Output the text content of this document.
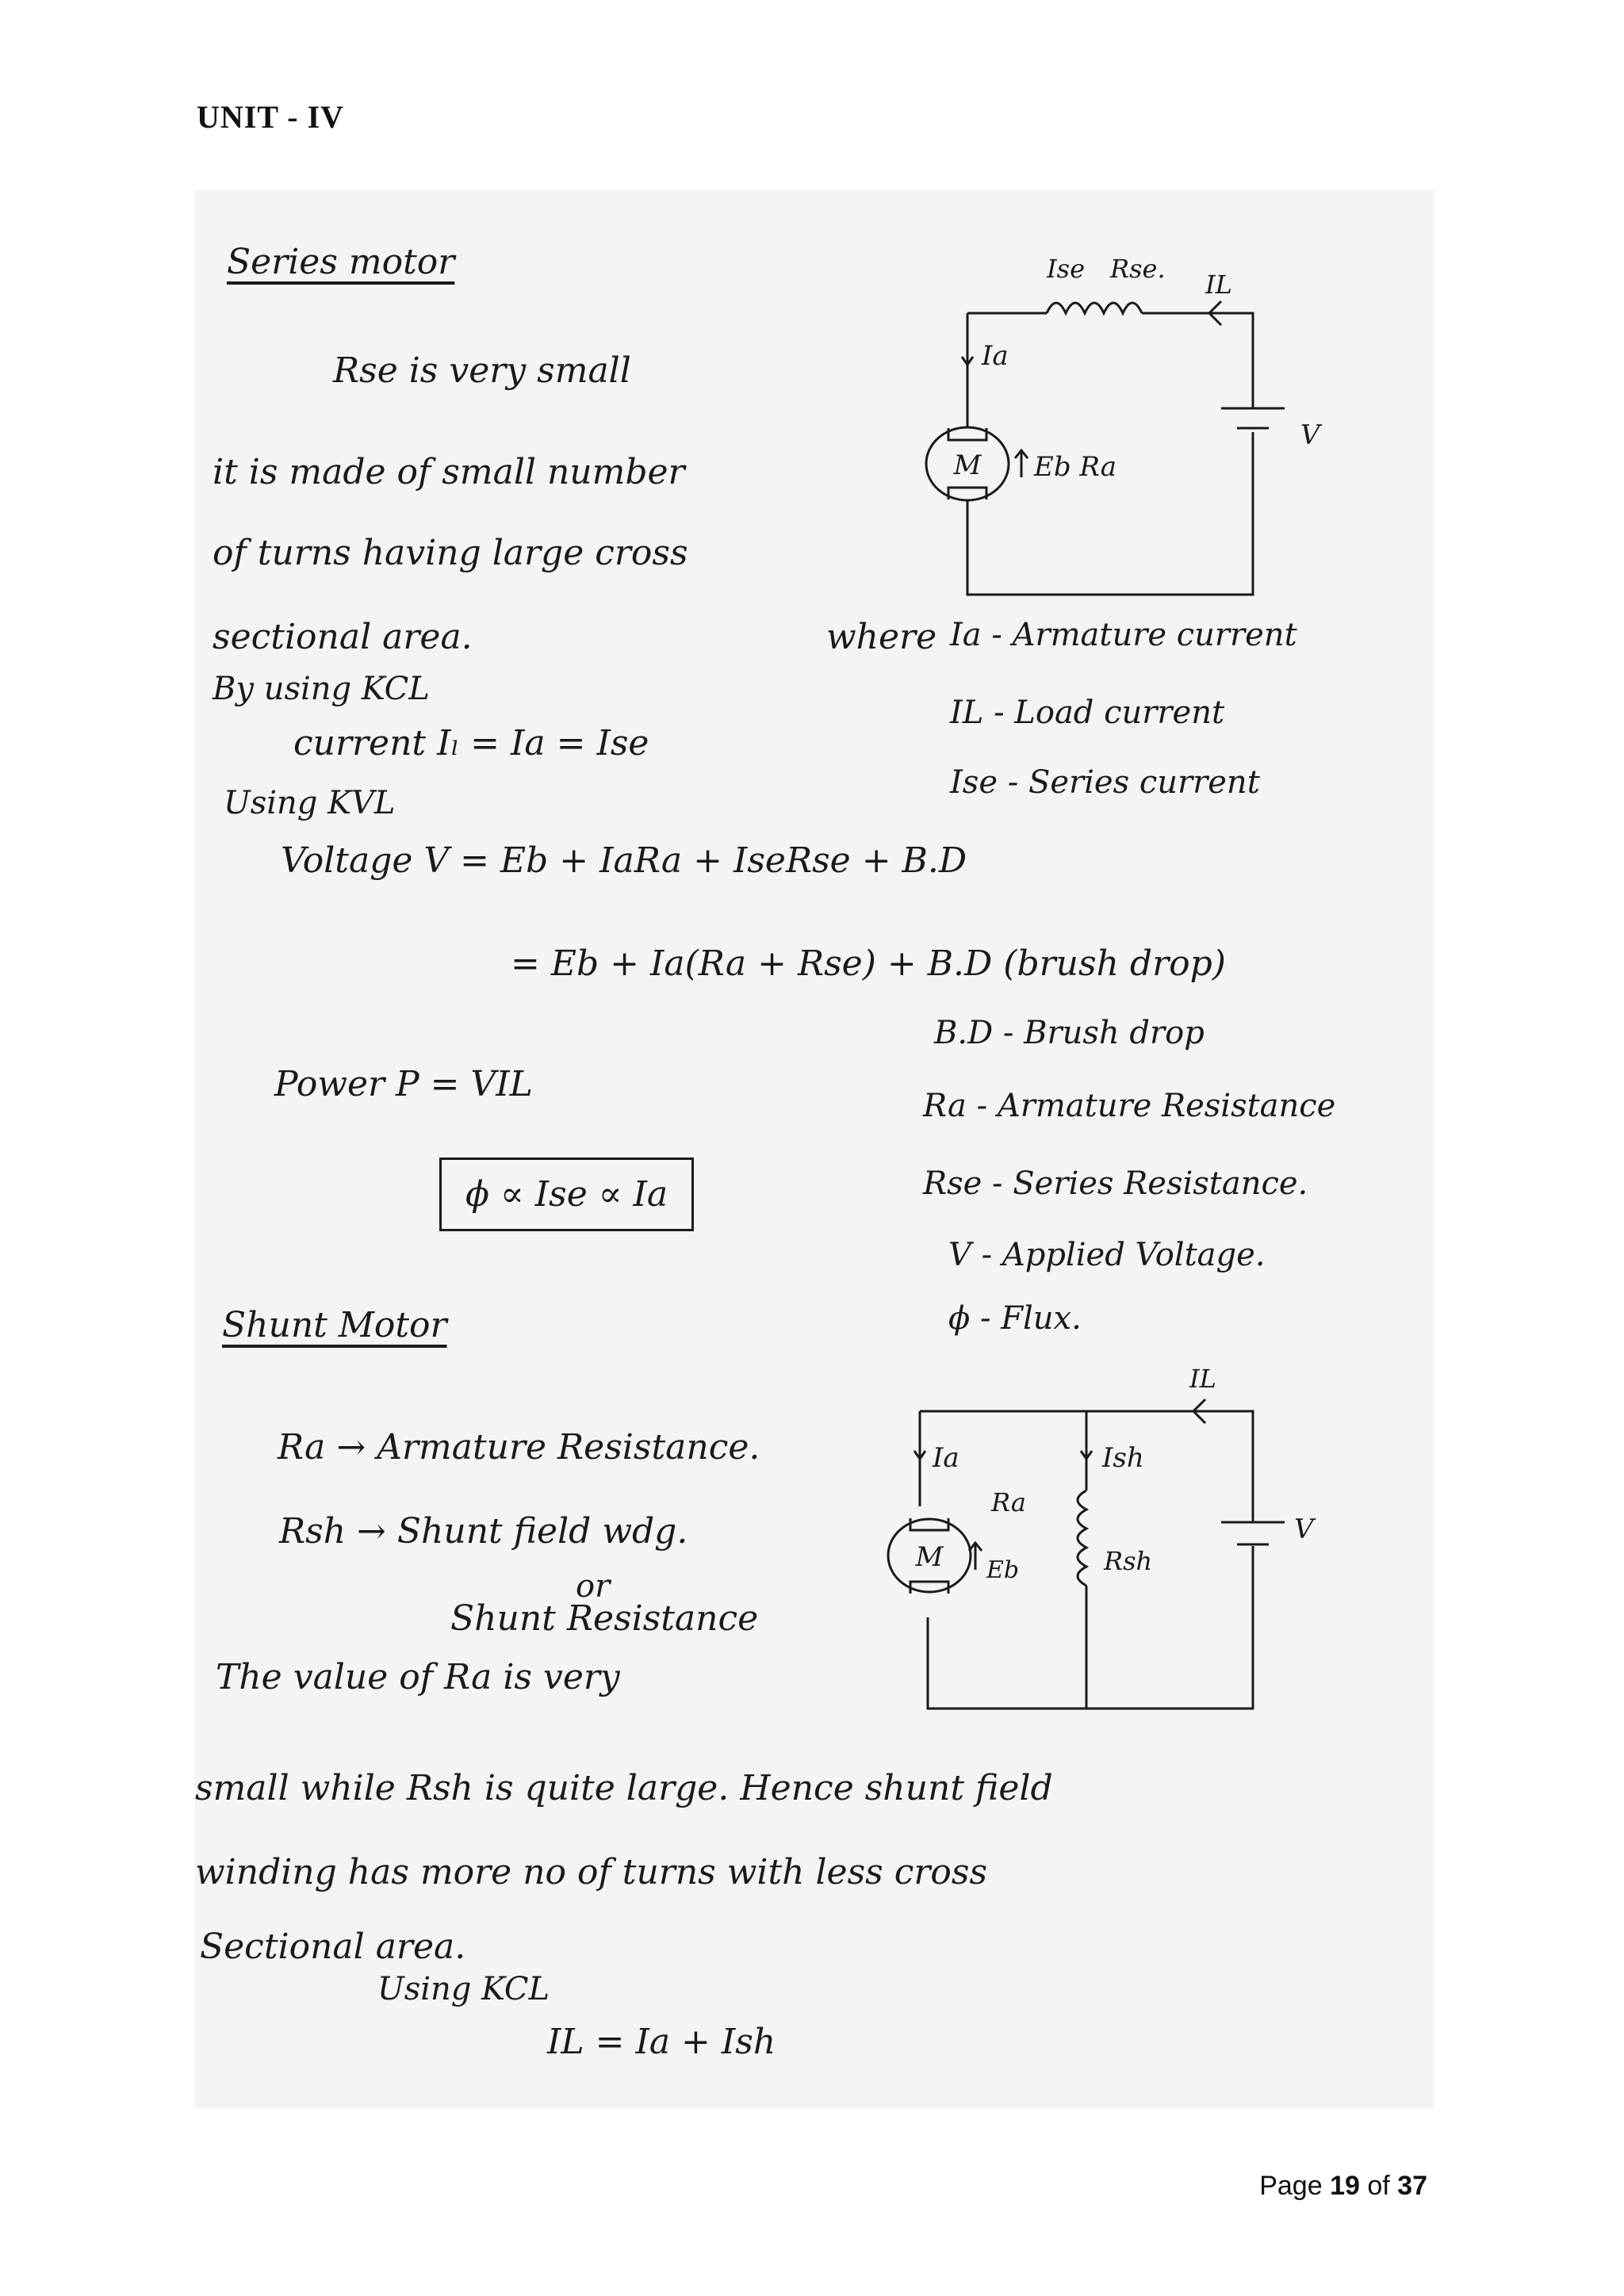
UNIT - IV
Series motor
Rse is very small
it is made of small number
of turns having large cross
sectional area.
By using KCL
current Iₗ = Ia = Ise
Using KVL
Voltage V = Eb + IaRa + IseRse + B.D
= Eb + Ia(Ra + Rse) + B.D (brush drop)
Power P = VIL
ϕ ∝ Ise ∝ Ia
where Ia - Armature current
IL - Load current
Ise - Series current
B.D - Brush drop
Ra - Armature Resistance
Rse - Series Resistance.
V - Applied Voltage.
ϕ - Flux.
M
Ise Rse.
IL
Ia
Eb Ra
V
Shunt Motor
Ra → Armature Resistance.
Rsh → Shunt field wdg.
or
Shunt Resistance
The value of Ra is very
small while Rsh is quite large. Hence shunt field
winding has more no of turns with less cross
Sectional area.
Using KCL
IL = Ia + Ish
M
IL
Ia	Ish
Ra
Eb	Rsh
V
Page 19 of 37
